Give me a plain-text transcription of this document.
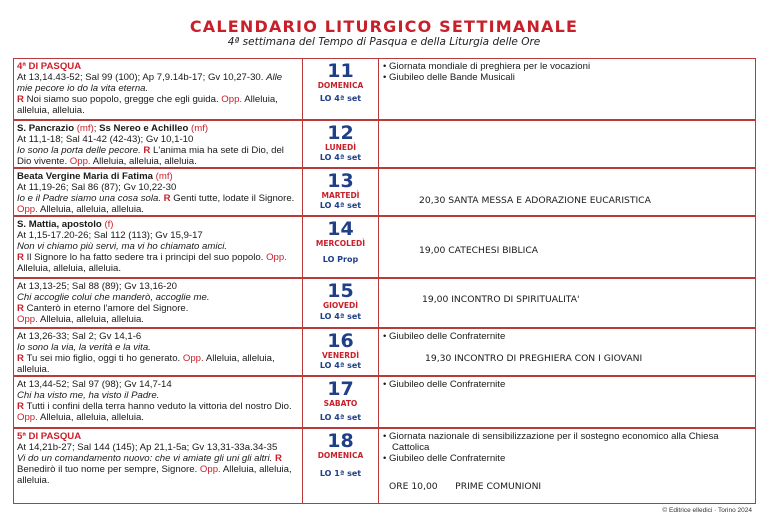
CALENDARIO LITURGICO SETTIMANALE
4ª settimana del Tempo di Pasqua e della Liturgia delle Ore
4ª DI PASQUA
At 13,14.43-52; Sal 99 (100); Ap 7,9.14b-17; Gv 10,27-30. Alle mie pecore io do la vita eterna.
R Noi siamo suo popolo, gregge che egli guida. Opp. Alleluia, alleluia, alleluia.
11
DOMENICA
LO 4ª set
• Giornata mondiale di preghiera per le vocazioni
• Giubileo delle Bande Musicali
S. Pancrazio (mf); Ss Nereo e Achilleo (mf)
At 11,1-18; Sal 41-42 (42-43); Gv 10,1-10
Io sono la porta delle pecore. R L'anima mia ha sete di Dio, del Dio vivente. Opp. Alleluia, alleluia, alleluia.
12
LUNEDÌ
LO 4ª set
Beata Vergine Maria di Fatima (mf)
At 11,19-26; Sal 86 (87); Gv 10,22-30
Io e il Padre siamo una cosa sola. R Genti tutte, lodate il Signore. Opp. Alleluia, alleluia, alleluia.
13
MARTEDÌ
LO 4ª set	20,30 SANTA MESSA E ADORAZIONE EUCARISTICA
S. Mattia, apostolo (f)
At 1,15-17.20-26; Sal 112 (113); Gv 15,9-17
Non vi chiamo più servi, ma vi ho chiamato amici.
R Il Signore lo ha fatto sedere tra i principi del suo popolo. Opp. Alleluia, alleluia, alleluia.
14
MERCOLEDÌ
LO Prop
19,00 CATECHESI BIBLICA
At 13,13-25; Sal 88 (89); Gv 13,16-20
Chi accoglie colui che manderò, accoglie me.
R Canterò in eterno l'amore del Signore.
Opp. Alleluia, alleluia, alleluia.
15
GIOVEDÌ
LO 4ª set
19,00 INCONTRO DI SPIRITUALITA'
At 13,26-33; Sal 2; Gv 14,1-6
Io sono la via, la verità e la vita.
R Tu sei mio figlio, oggi ti ho generato. Opp. Alleluia, alleluia, alleluia.
16
VENERDÌ
LO 4ª set
• Giubileo delle Confraternite
19,30 INCONTRO DI PREGHIERA CON I GIOVANI
At 13,44-52; Sal 97 (98); Gv 14,7-14
Chi ha visto me, ha visto il Padre.
R Tutti i confini della terra hanno veduto la vittoria del nostro Dio. Opp. Alleluia, alleluia, alleluia.
17
SABATO
LO 4ª set
• Giubileo delle Confraternite
5ª DI PASQUA
At 14,21b-27; Sal 144 (145); Ap 21,1-5a; Gv 13,31-33a.34-35
Vi do un comandamento nuovo: che vi amiate gli uni gli altri. R Benedirò il tuo nome per sempre, Signore. Opp. Alleluia, alleluia, alleluia.
18
DOMENICA
LO 1ª set
• Giornata nazionale di sensibilizzazione per il sostegno economico alla Chiesa Cattolica
• Giubileo delle Confraternite
ORE 10,00      PRIME COMUNIONI
© Editrice elledici · Torino 2024
